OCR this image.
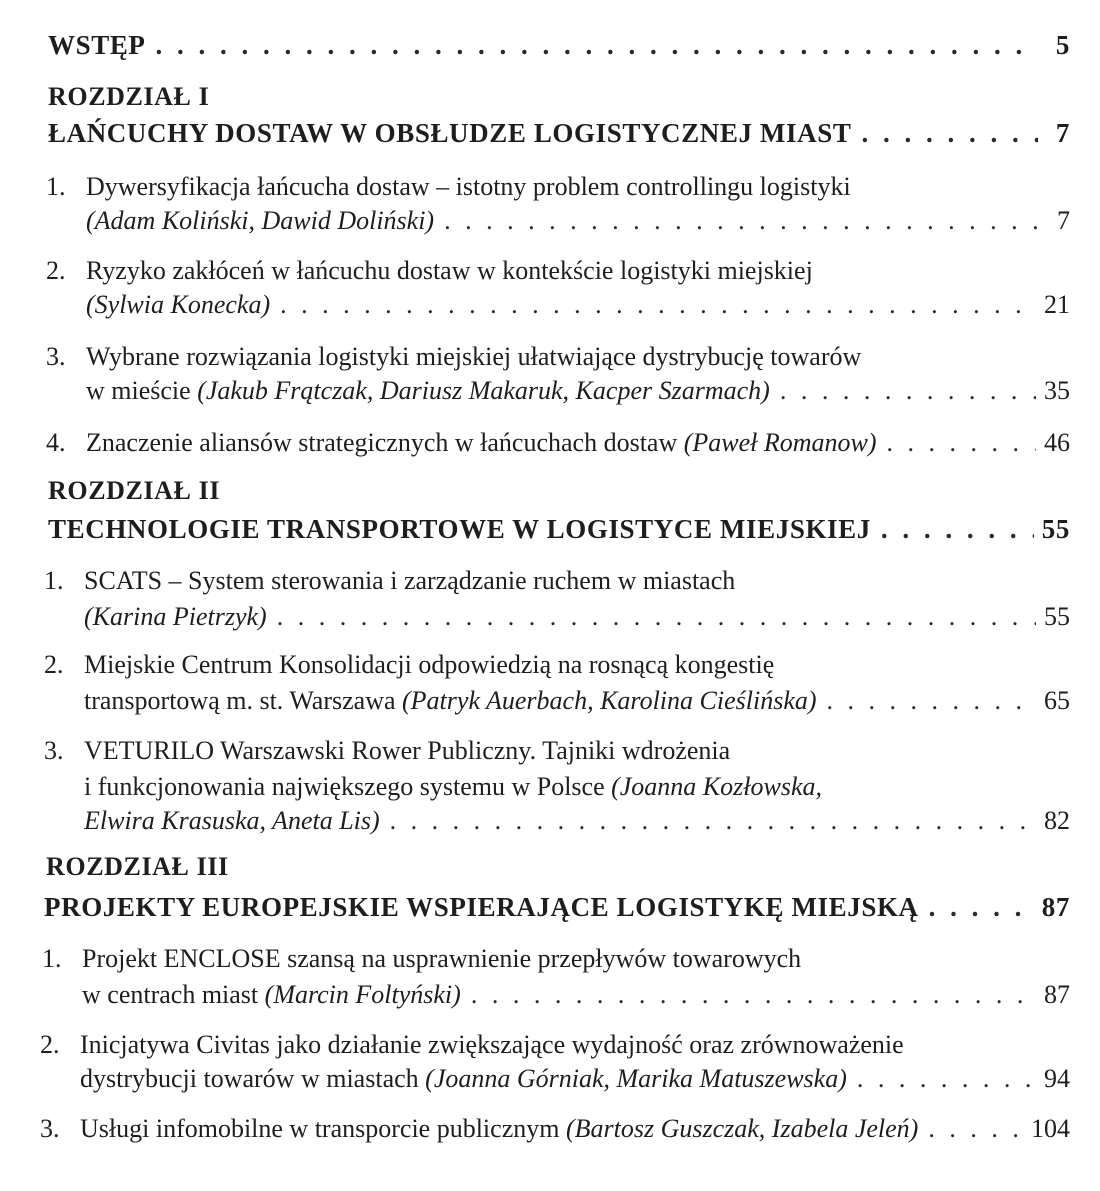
WSTĘP . . .	5
ROZDZIAŁ I
ŁAŃCUCHY DOSTAW W OBSŁUDZE LOGISTYCZNEJ MIAST . . .	7
1. Dywersyfikacja łańcucha dostaw – istotny problem controllingu logistyki
(Adam Koliński, Dawid Doliński) . . .	7
2. Ryzyko zakłóceń w łańcuchu dostaw w kontekście logistyki miejskiej
(Sylwia Konecka) . . .	21
3. Wybrane rozwiązania logistyki miejskiej ułatwiające dystrybucję towarów
w mieście (Jakub Frątczak, Dariusz Makaruk, Kacper Szarmach) . . .	35
4. Znaczenie aliansów strategicznych w łańcuchach dostaw (Paweł Romanow) . . .	46
ROZDZIAŁ II
TECHNOLOGIE TRANSPORTOWE W LOGISTYCE MIEJSKIEJ . . .	55
1. SCATS – System sterowania i zarządzanie ruchem w miastach
(Karina Pietrzyk) . . .	55
2. Miejskie Centrum Konsolidacji odpowiedzią na rosnącą kongestię
transportową m. st. Warszawa (Patryk Auerbach, Karolina Cieślińska) . . .	65
3. VETURILO Warszawski Rower Publiczny. Tajniki wdrożenia
i funkcjonowania największego systemu w Polsce (Joanna Kozłowska,
Elwira Krasuska, Aneta Lis) . . .	82
ROZDZIAŁ III
PROJEKTY EUROPEJSKIE WSPIERAJĄCE LOGISTYKĘ MIEJSKĄ . . .	87
1. Projekt ENCLOSE szansą na usprawnienie przepływów towarowych
w centrach miast (Marcin Foltyński) . . .	87
2. Inicjatywa Civitas jako działanie zwiększające wydajność oraz zrównoważenie
dystrybucji towarów w miastach (Joanna Górniak, Marika Matuszewska) . . .	94
3. Usługi infomobilne w transporcie publicznym (Bartosz Guszczak, Izabela Jeleń) . . .	104
